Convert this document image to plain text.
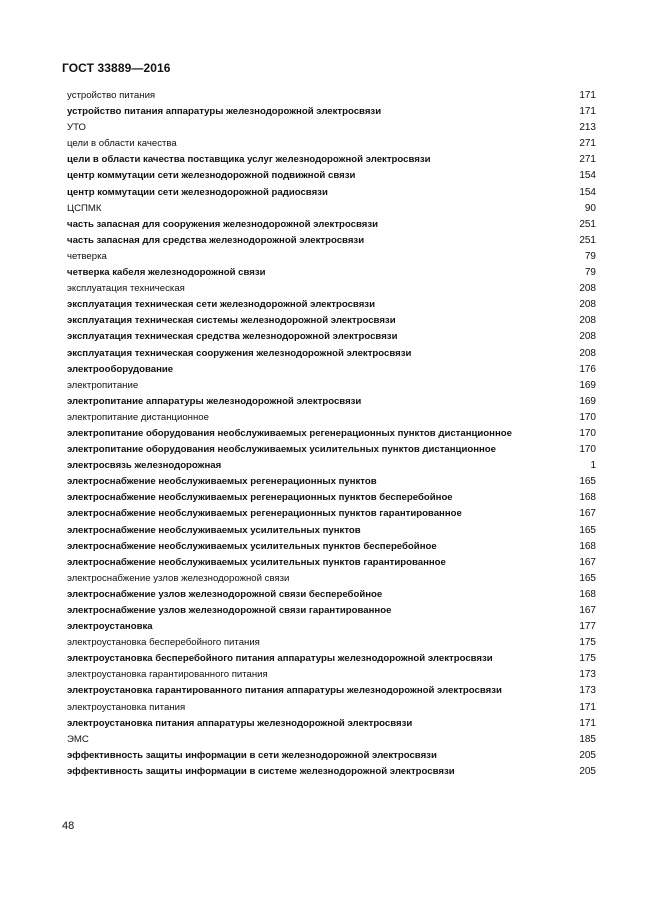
ГОСТ 33889—2016
устройство питания	171
устройство питания аппаратуры железнодорожной электросвязи	171
УТО	213
цели в области качества	271
цели в области качества поставщика услуг железнодорожной электросвязи	271
центр коммутации сети железнодорожной подвижной связи	154
центр коммутации сети железнодорожной радиосвязи	154
ЦСПМК	90
часть запасная для сооружения железнодорожной электросвязи	251
часть запасная для средства железнодорожной электросвязи	251
четверка	79
четверка кабеля железнодорожной связи	79
эксплуатация техническая	208
эксплуатация техническая сети железнодорожной электросвязи	208
эксплуатация техническая системы железнодорожной электросвязи	208
эксплуатация техническая средства железнодорожной электросвязи	208
эксплуатация техническая сооружения железнодорожной электросвязи	208
электрооборудование	176
электропитание	169
электропитание аппаратуры железнодорожной электросвязи	169
электропитание дистанционное	170
электропитание оборудования необслуживаемых регенерационных пунктов дистанционное	170
электропитание оборудования необслуживаемых усилительных пунктов дистанционное	170
электросвязь железнодорожная	1
электроснабжение необслуживаемых регенерационных пунктов	165
электроснабжение необслуживаемых регенерационных пунктов бесперебойное	168
электроснабжение необслуживаемых регенерационных пунктов гарантированное	167
электроснабжение необслуживаемых усилительных пунктов	165
электроснабжение необслуживаемых усилительных пунктов бесперебойное	168
электроснабжение необслуживаемых усилительных пунктов гарантированное	167
электроснабжение узлов железнодорожной связи	165
электроснабжение узлов железнодорожной связи бесперебойное	168
электроснабжение узлов железнодорожной связи гарантированное	167
электроустановка	177
электроустановка бесперебойного питания	175
электроустановка бесперебойного питания аппаратуры железнодорожной электросвязи	175
электроустановка гарантированного питания	173
электроустановка гарантированного питания аппаратуры железнодорожной электросвязи	173
электроустановка питания	171
электроустановка питания аппаратуры железнодорожной электросвязи	171
ЭМС	185
эффективность защиты информации в сети железнодорожной электросвязи	205
эффективность защиты информации в системе железнодорожной электросвязи	205
48
